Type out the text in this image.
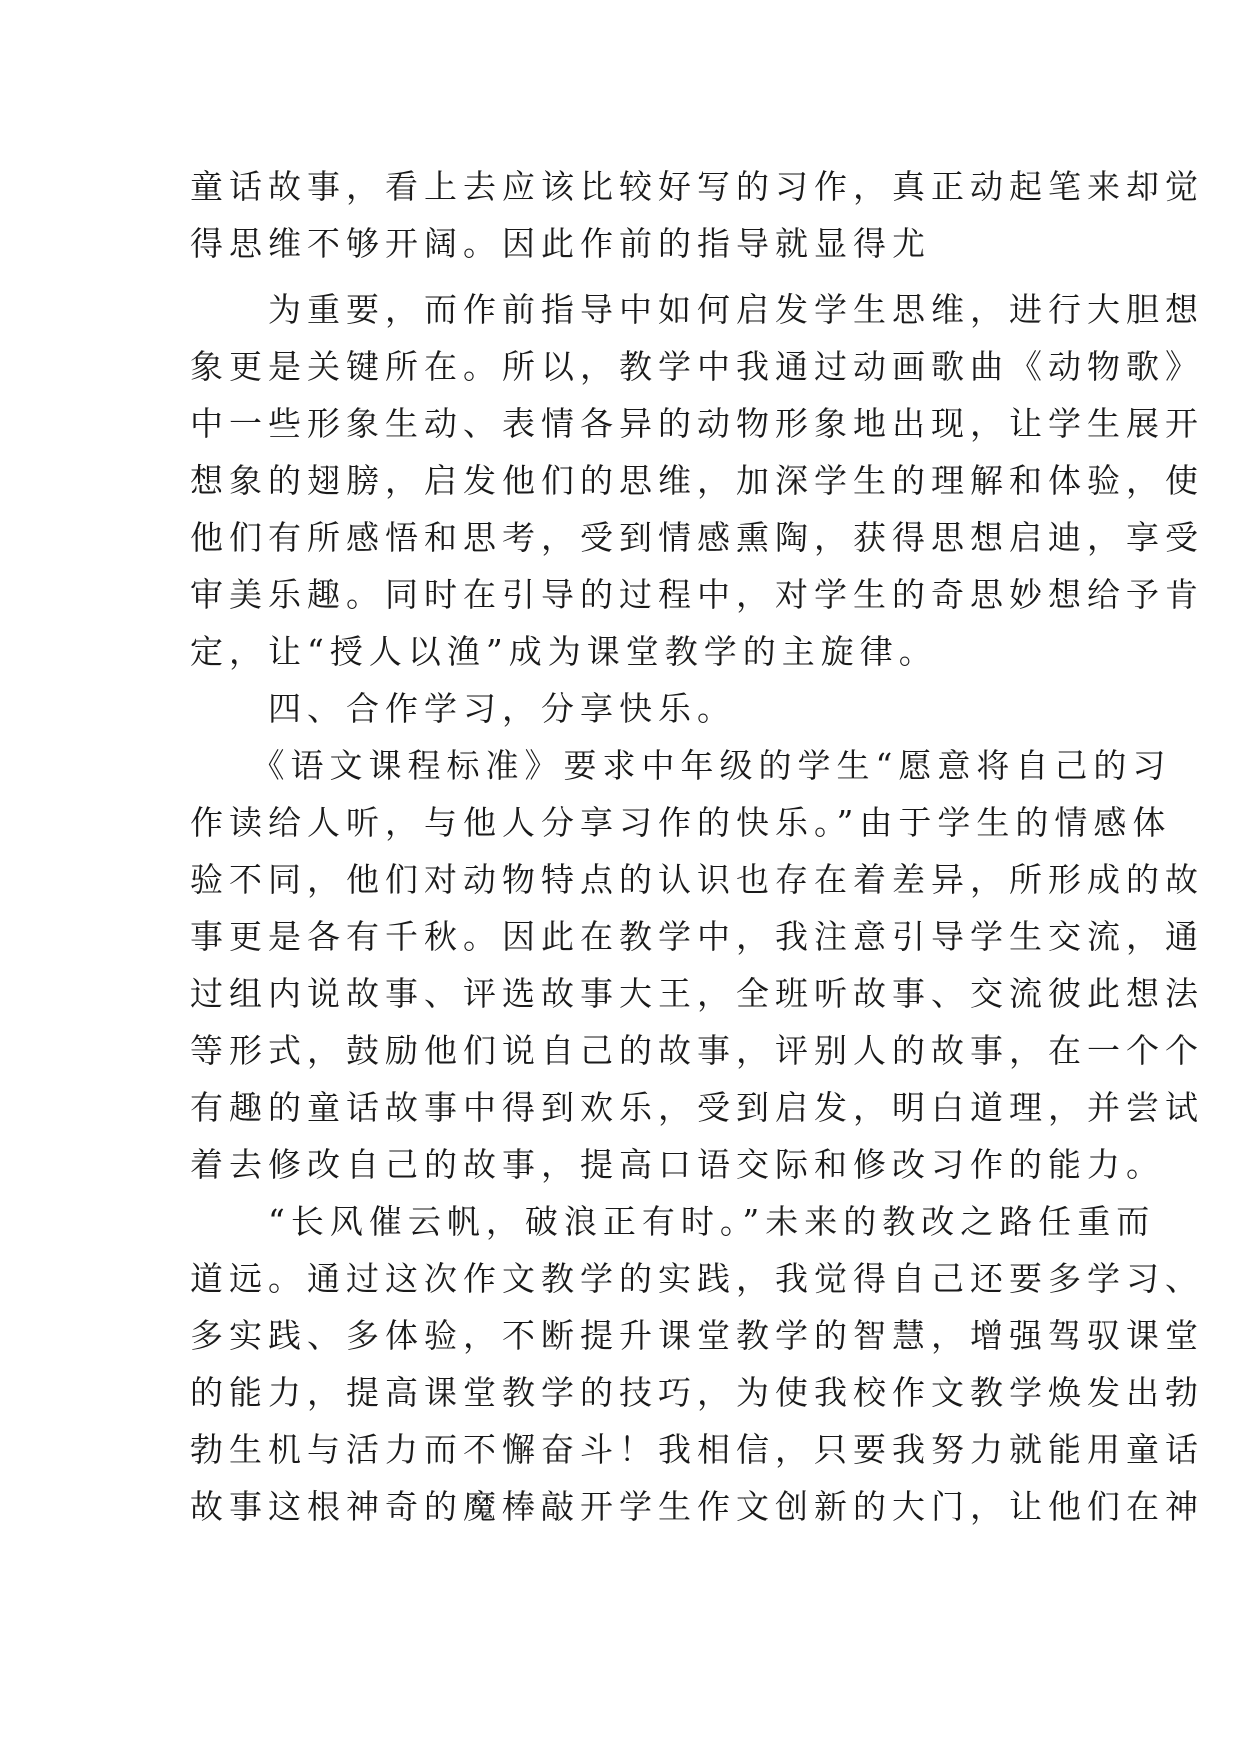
童话故事，看上去应该比较好写的习作，真正动起笔来却觉
得思维不够开阔。因此作前的指导就显得尤
　　为重要，而作前指导中如何启发学生思维，进行大胆想
象更是关键所在。所以，教学中我通过动画歌曲《动物歌》
中一些形象生动、表情各异的动物形象地出现，让学生展开
想象的翅膀，启发他们的思维，加深学生的理解和体验，使
他们有所感悟和思考，受到情感熏陶，获得思想启迪，享受
审美乐趣。同时在引导的过程中，对学生的奇思妙想给予肯
定，让“授人以渔”成为课堂教学的主旋律。
　　四、合作学习，分享快乐。
　　《语文课程标准》要求中年级的学生“愿意将自己的习
作读给人听，与他人分享习作的快乐。”由于学生的情感体
验不同，他们对动物特点的认识也存在着差异，所形成的故
事更是各有千秋。因此在教学中，我注意引导学生交流，通
过组内说故事、评选故事大王，全班听故事、交流彼此想法
等形式，鼓励他们说自己的故事，评别人的故事，在一个个
有趣的童话故事中得到欢乐，受到启发，明白道理，并尝试
着去修改自己的故事，提高口语交际和修改习作的能力。
　　“长风催云帆，破浪正有时。”未来的教改之路任重而
道远。通过这次作文教学的实践，我觉得自己还要多学习、
多实践、多体验，不断提升课堂教学的智慧，增强驾驭课堂
的能力，提高课堂教学的技巧，为使我校作文教学焕发出勃
勃生机与活力而不懈奋斗！我相信，只要我努力就能用童话
故事这根神奇的魔棒敲开学生作文创新的大门，让他们在神
